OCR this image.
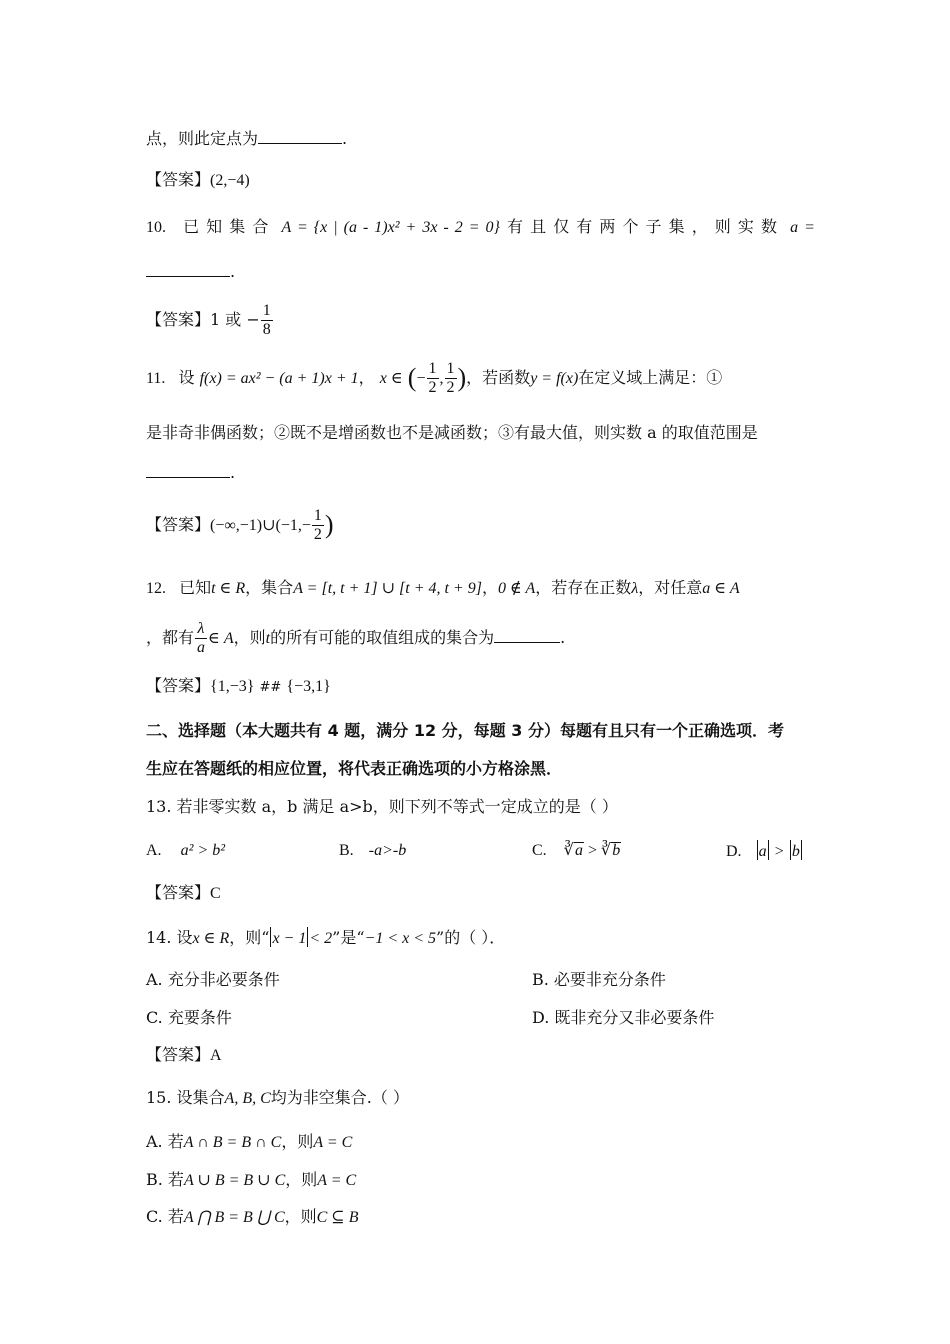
点，则此定点为	.
【答案】(2,−4)
10. 已 知 集 合 A = {x | (a - 1)x² + 3x - 2 = 0} 有 且 仅 有 两 个 子 集 ， 则 实 数 a =
.
【答案】1 或 − $\frac{1}{8}$
11. 设 f(x) = ax² − (a + 1)x + 1， x ∈ (− $\frac{1}{2}$ , $\frac{1}{2}$ )，若函数y = f(x)在定义域上满足：①
是非奇非偶函数；②既不是增函数也不是减函数；③有最大值，则实数 a 的取值范围是
.
【答案】(−∞,−1)∪(−1,− $\frac{1}{2}$ )
12. 已知t ∈ R，集合A = [t, t + 1] ∪ [t + 4, t + 9]，0 ∉ A，若存在正数λ，对任意a ∈ A
，都有 $\frac{\lambda}{a}$ ∈ A，则t的所有可能的取值组成的集合为	.
【答案】{1,−3} ## {−3,1}
二、选择题（本大题共有 4 题，满分 12 分，每题 3 分）每题有且只有一个正确选项．考
生应在答题纸的相应位置，将代表正确选项的小方格涂黑．
13. 若非零实数 a，b 满足 a>b，则下列不等式一定成立的是（ ）
A. a² > b²	B. -a>-b	C. ∛a > ∛b	D. a > b
【答案】C
14. 设x ∈ R，则“ x − 1 < 2”是“−1 < x < 5”的（ ）．
A. 充分非必要条件	B. 必要非充分条件
C. 充要条件	D. 既非充分又非必要条件
【答案】A
15. 设集合A, B, C均为非空集合.（ ）
A. 若A ∩ B = B ∩ C，则A = C
B. 若A ∪ B = B ∪ C，则A = C
C. 若A ⋂ B = B ⋃ C，则C ⊆ B
